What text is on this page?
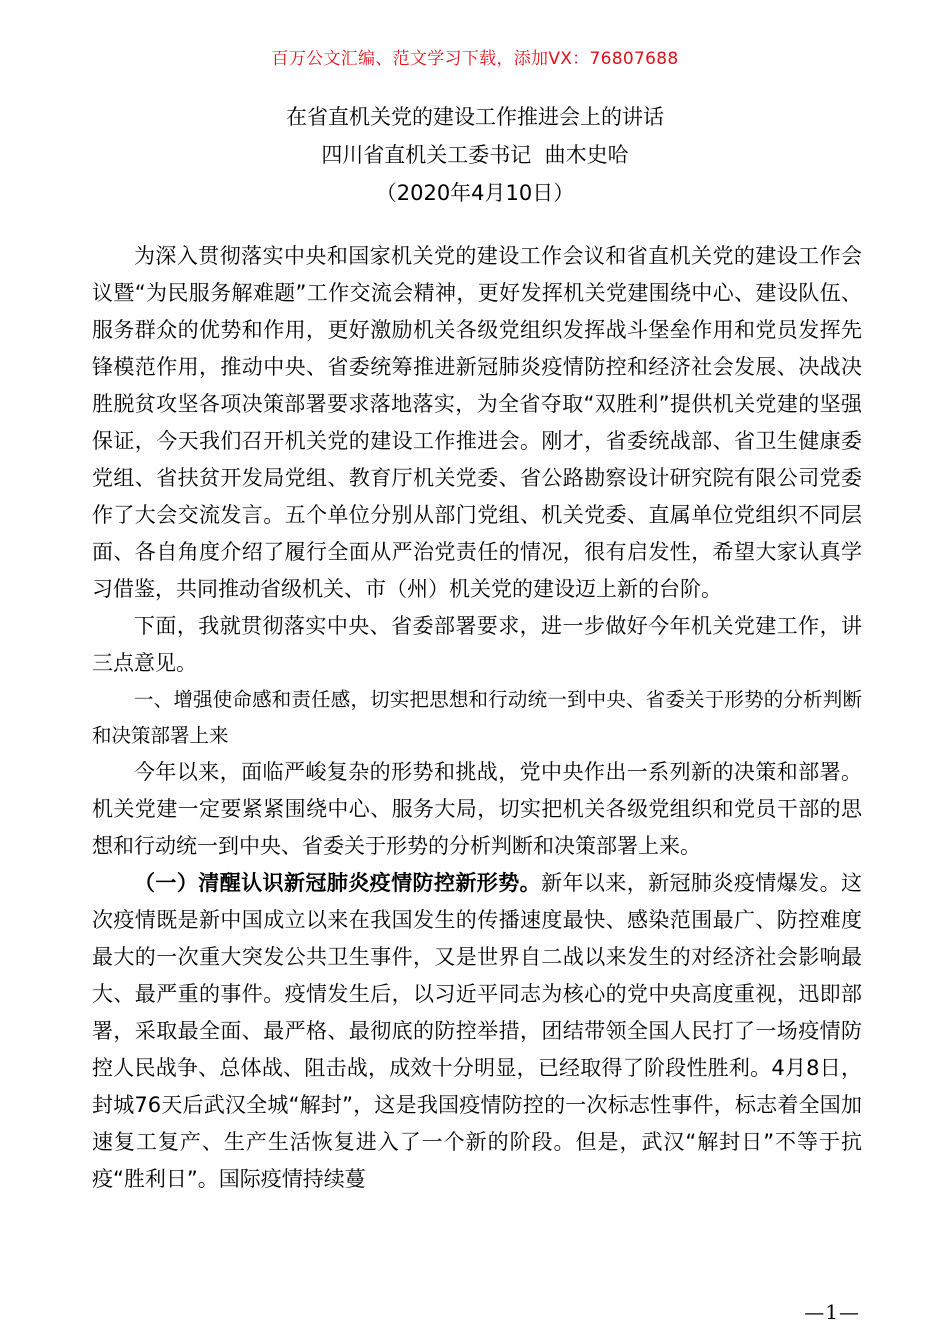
百万公文汇编、范文学习下载，添加VX：76807688
在省直机关党的建设工作推进会上的讲话
四川省直机关工委书记  曲木史哈
（2020年4月10日）

为深入贯彻落实中央和国家机关党的建设工作会议和省直机关党的建设工作会议暨“为民服务解难题”工作交流会精神，更好发挥机关党建围绕中心、建设队伍、服务群众的优势和作用，更好激励机关各级党组织发挥战斗堡垒作用和党员发挥先锋模范作用，推动中央、省委统筹推进新冠肺炎疫情防控和经济社会发展、决战决胜脱贫攻坚各项决策部署要求落地落实，为全省夺取“双胜利”提供机关党建的坚强保证，今天我们召开机关党的建设工作推进会。刚才，省委统战部、省卫生健康委党组、省扶贫开发局党组、教育厅机关党委、省公路勘察设计研究院有限公司党委作了大会交流发言。五个单位分别从部门党组、机关党委、直属单位党组织不同层面、各自角度介绍了履行全面从严治党责任的情况，很有启发性，希望大家认真学习借鉴，共同推动省级机关、市（州）机关党的建设迈上新的台阶。

下面，我就贯彻落实中央、省委部署要求，进一步做好今年机关党建工作，讲三点意见。

一、增强使命感和责任感，切实把思想和行动统一到中央、省委关于形势的分析判断和决策部署上来

今年以来，面临严峻复杂的形势和挑战，党中央作出一系列新的决策和部署。机关党建一定要紧紧围绕中心、服务大局，切实把机关各级党组织和党员干部的思想和行动统一到中央、省委关于形势的分析判断和决策部署上来。

（一）清醒认识新冠肺炎疫情防控新形势。新年以来，新冠肺炎疫情爆发。这次疫情既是新中国成立以来在我国发生的传播速度最快、感染范围最广、防控难度最大的一次重大突发公共卫生事件，又是世界自二战以来发生的对经济社会影响最大、最严重的事件。疫情发生后，以习近平同志为核心的党中央高度重视，迅即部署，采取最全面、最严格、最彻底的防控举措，团结带领全国人民打了一场疫情防控人民战争、总体战、阻击战，成效十分明显，已经取得了阶段性胜利。4月8日，封城76天后武汉全城“解封”，这是我国疫情防控的一次标志性事件，标志着全国加速复工复产、生产生活恢复进入了一个新的阶段。但是，武汉“解封日”不等于抗疫“胜利日”。国际疫情持续蔓

—1—
